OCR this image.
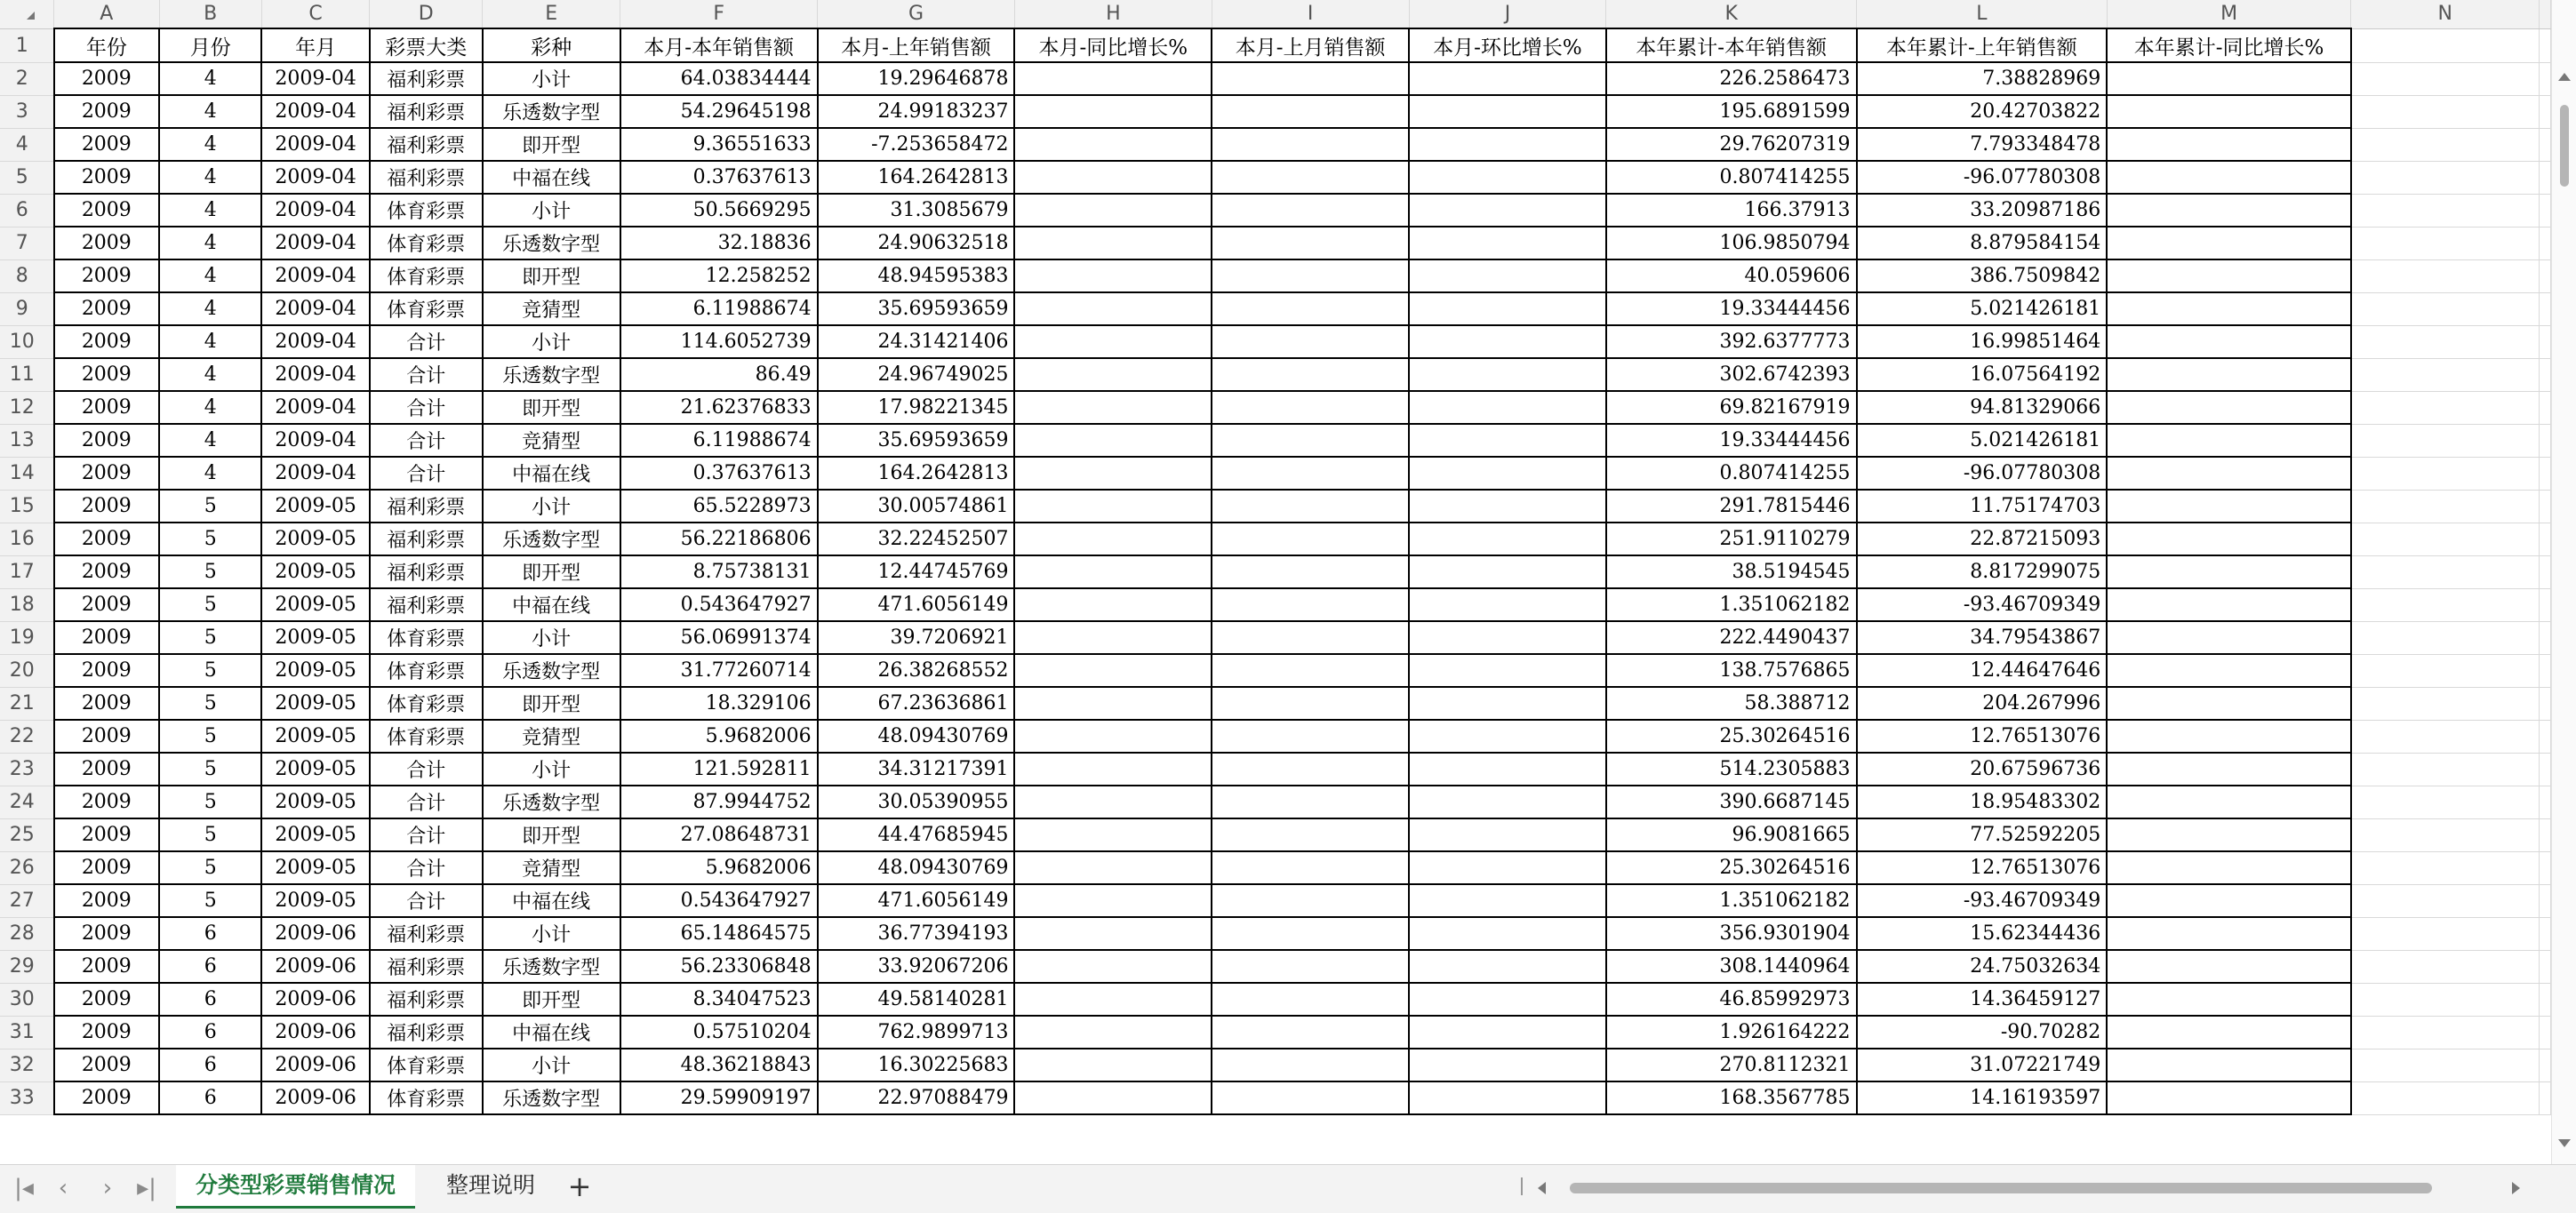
	A	B	C	D	E	F	G	H	I	J	K	L	M	N	
1	年份	月份	年月	彩票大类	彩种	本月-本年销售额	本月-上年销售额	本月-同比增长%	本月-上月销售额	本月-环比增长%	本年累计-本年销售额	本年累计-上年销售额	本年累计-同比增长%		
2	2009	4	2009-04	福利彩票	小计	64.03834444	19.29646878				226.2586473	7.38828969			
3	2009	4	2009-04	福利彩票	乐透数字型	54.29645198	24.99183237				195.6891599	20.42703822			
4	2009	4	2009-04	福利彩票	即开型	9.36551633	-7.253658472				29.76207319	7.793348478			
5	2009	4	2009-04	福利彩票	中福在线	0.37637613	164.2642813				0.807414255	-96.07780308			
6	2009	4	2009-04	体育彩票	小计	50.5669295	31.3085679				166.37913	33.20987186			
7	2009	4	2009-04	体育彩票	乐透数字型	32.18836	24.90632518				106.9850794	8.879584154			
8	2009	4	2009-04	体育彩票	即开型	12.258252	48.94595383				40.059606	386.7509842			
9	2009	4	2009-04	体育彩票	竞猜型	6.11988674	35.69593659				19.33444456	5.021426181			
10	2009	4	2009-04	合计	小计	114.6052739	24.31421406				392.6377773	16.99851464			
11	2009	4	2009-04	合计	乐透数字型	86.49	24.96749025				302.6742393	16.07564192			
12	2009	4	2009-04	合计	即开型	21.62376833	17.98221345				69.82167919	94.81329066			
13	2009	4	2009-04	合计	竞猜型	6.11988674	35.69593659				19.33444456	5.021426181			
14	2009	4	2009-04	合计	中福在线	0.37637613	164.2642813				0.807414255	-96.07780308			
15	2009	5	2009-05	福利彩票	小计	65.5228973	30.00574861				291.7815446	11.75174703			
16	2009	5	2009-05	福利彩票	乐透数字型	56.22186806	32.22452507				251.9110279	22.87215093			
17	2009	5	2009-05	福利彩票	即开型	8.75738131	12.44745769				38.5194545	8.817299075			
18	2009	5	2009-05	福利彩票	中福在线	0.543647927	471.6056149				1.351062182	-93.46709349			
19	2009	5	2009-05	体育彩票	小计	56.06991374	39.7206921				222.4490437	34.79543867			
20	2009	5	2009-05	体育彩票	乐透数字型	31.77260714	26.38268552				138.7576865	12.44647646			
21	2009	5	2009-05	体育彩票	即开型	18.329106	67.23636861				58.388712	204.267996			
22	2009	5	2009-05	体育彩票	竞猜型	5.9682006	48.09430769				25.30264516	12.76513076			
23	2009	5	2009-05	合计	小计	121.592811	34.31217391				514.2305883	20.67596736			
24	2009	5	2009-05	合计	乐透数字型	87.9944752	30.05390955				390.6687145	18.95483302			
25	2009	5	2009-05	合计	即开型	27.08648731	44.47685945				96.9081665	77.52592205			
26	2009	5	2009-05	合计	竞猜型	5.9682006	48.09430769				25.30264516	12.76513076			
27	2009	5	2009-05	合计	中福在线	0.543647927	471.6056149				1.351062182	-93.46709349			
28	2009	6	2009-06	福利彩票	小计	65.14864575	36.77394193				356.9301904	15.62344436			
29	2009	6	2009-06	福利彩票	乐透数字型	56.23306848	33.92067206				308.1440964	24.75032634			
30	2009	6	2009-06	福利彩票	即开型	8.34047523	49.58140281				46.85992973	14.36459127			
31	2009	6	2009-06	福利彩票	中福在线	0.57510204	762.9899713				1.926164222	-90.70282			
32	2009	6	2009-06	体育彩票	小计	48.36218843	16.30225683				270.8112321	31.07221749			
33	2009	6	2009-06	体育彩票	乐透数字型	29.59909197	22.97088479				168.3567785	14.16193597			
|◂	‹	›	▸|	分类型彩票销售情况	整理说明	+
